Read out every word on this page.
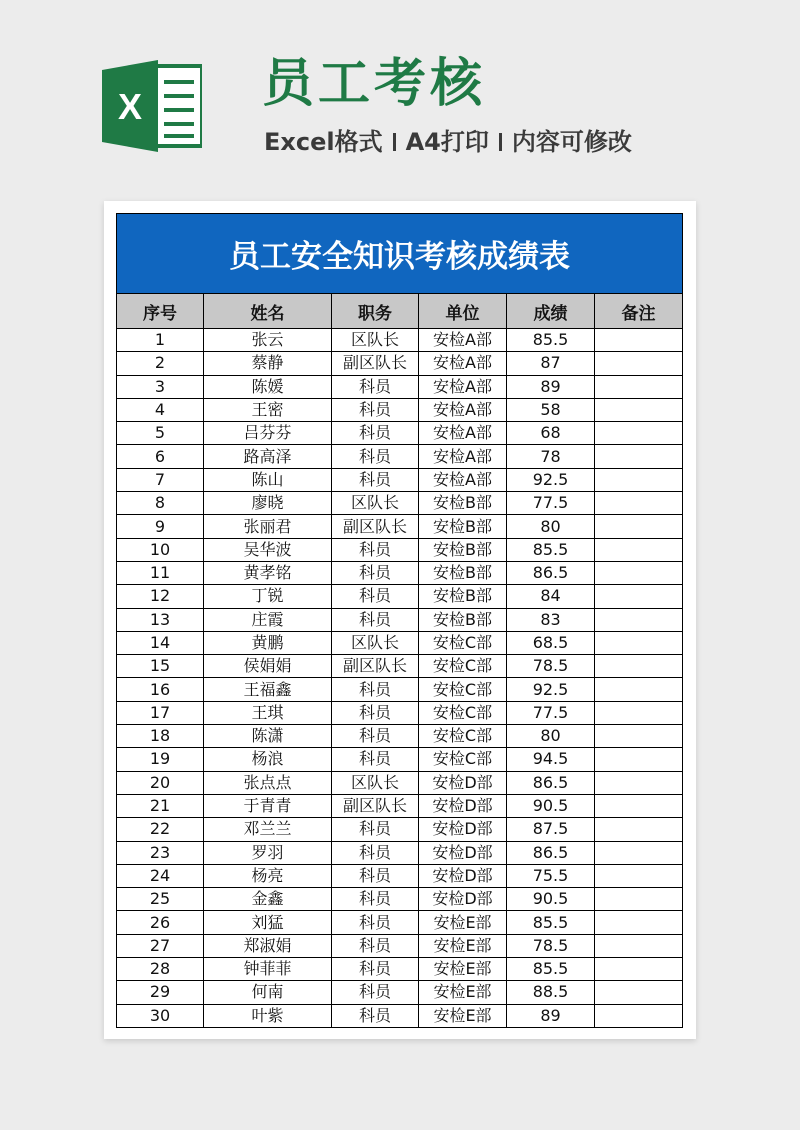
X 员工考核
Excel格式 A4打印 内容可修改
员工安全知识考核成绩表					
序号	姓名	职务	单位	成绩	备注
1	张云	区队长	安检A部	85.5	
2	蔡静	副区队长	安检A部	87	
3	陈媛	科员	安检A部	89	
4	王密	科员	安检A部	58	
5	吕芬芬	科员	安检A部	68	
6	路高泽	科员	安检A部	78	
7	陈山	科员	安检A部	92.5	
8	廖晓	区队长	安检B部	77.5	
9	张丽君	副区队长	安检B部	80	
10	吴华波	科员	安检B部	85.5	
11	黄孝铭	科员	安检B部	86.5	
12	丁锐	科员	安检B部	84	
13	庄霞	科员	安检B部	83	
14	黄鹏	区队长	安检C部	68.5	
15	侯娟娟	副区队长	安检C部	78.5	
16	王福鑫	科员	安检C部	92.5	
17	王琪	科员	安检C部	77.5	
18	陈潇	科员	安检C部	80	
19	杨浪	科员	安检C部	94.5	
20	张点点	区队长	安检D部	86.5	
21	于青青	副区队长	安检D部	90.5	
22	邓兰兰	科员	安检D部	87.5	
23	罗羽	科员	安检D部	86.5	
24	杨亮	科员	安检D部	75.5	
25	金鑫	科员	安检D部	90.5	
26	刘猛	科员	安检E部	85.5	
27	郑淑娟	科员	安检E部	78.5	
28	钟菲菲	科员	安检E部	85.5	
29	何南	科员	安检E部	88.5	
30	叶紫	科员	安检E部	89	
